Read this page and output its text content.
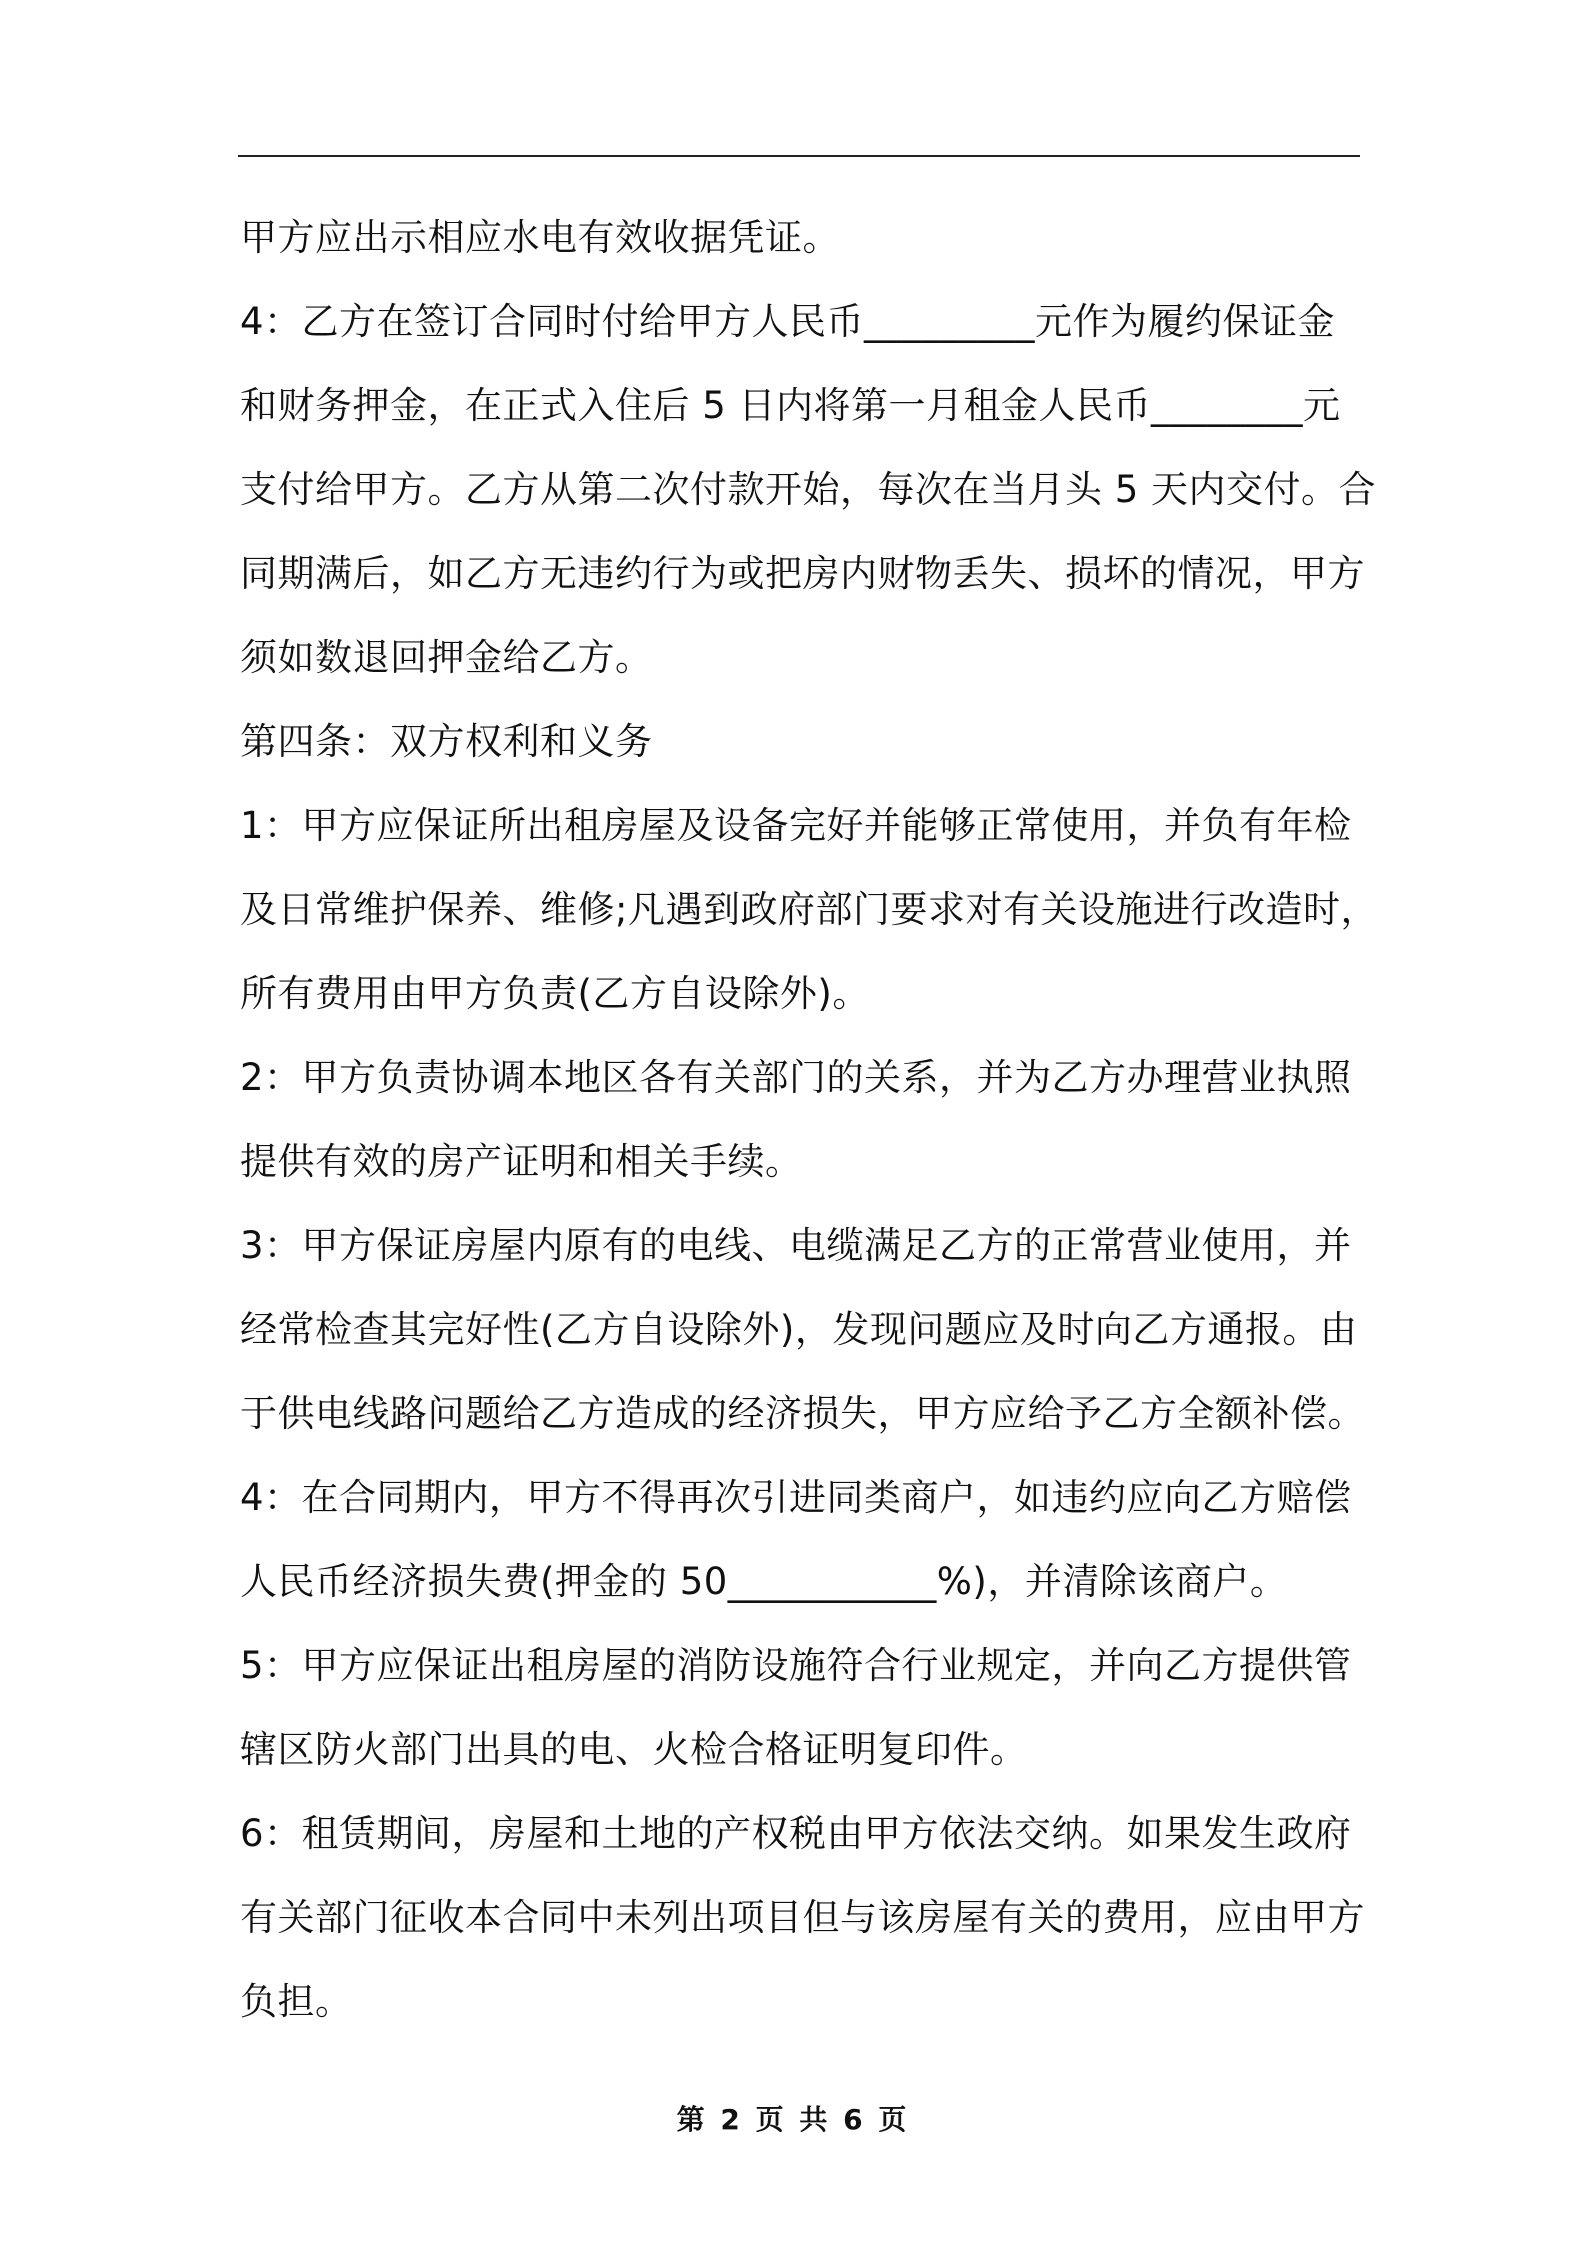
甲方应出示相应水电有效收据凭证。
4：乙方在签订合同时付给甲方人民币_________元作为履约保证金
和财务押金，在正式入住后 5 日内将第一月租金人民币________元
支付给甲方。乙方从第二次付款开始，每次在当月头 5 天内交付。合
同期满后，如乙方无违约行为或把房内财物丢失、损坏的情况，甲方
须如数退回押金给乙方。
第四条：双方权利和义务
1：甲方应保证所出租房屋及设备完好并能够正常使用，并负有年检
及日常维护保养、维修;凡遇到政府部门要求对有关设施进行改造时，
所有费用由甲方负责(乙方自设除外)。
2：甲方负责协调本地区各有关部门的关系，并为乙方办理营业执照
提供有效的房产证明和相关手续。
3：甲方保证房屋内原有的电线、电缆满足乙方的正常营业使用，并
经常检查其完好性(乙方自设除外)，发现问题应及时向乙方通报。由
于供电线路问题给乙方造成的经济损失，甲方应给予乙方全额补偿。
4：在合同期内，甲方不得再次引进同类商户，如违约应向乙方赔偿
人民币经济损失费(押金的 50___________%)，并清除该商户。
5：甲方应保证出租房屋的消防设施符合行业规定，并向乙方提供管
辖区防火部门出具的电、火检合格证明复印件。
6：租赁期间，房屋和土地的产权税由甲方依法交纳。如果发生政府
有关部门征收本合同中未列出项目但与该房屋有关的费用，应由甲方
负担。
第 2 页 共 6 页
